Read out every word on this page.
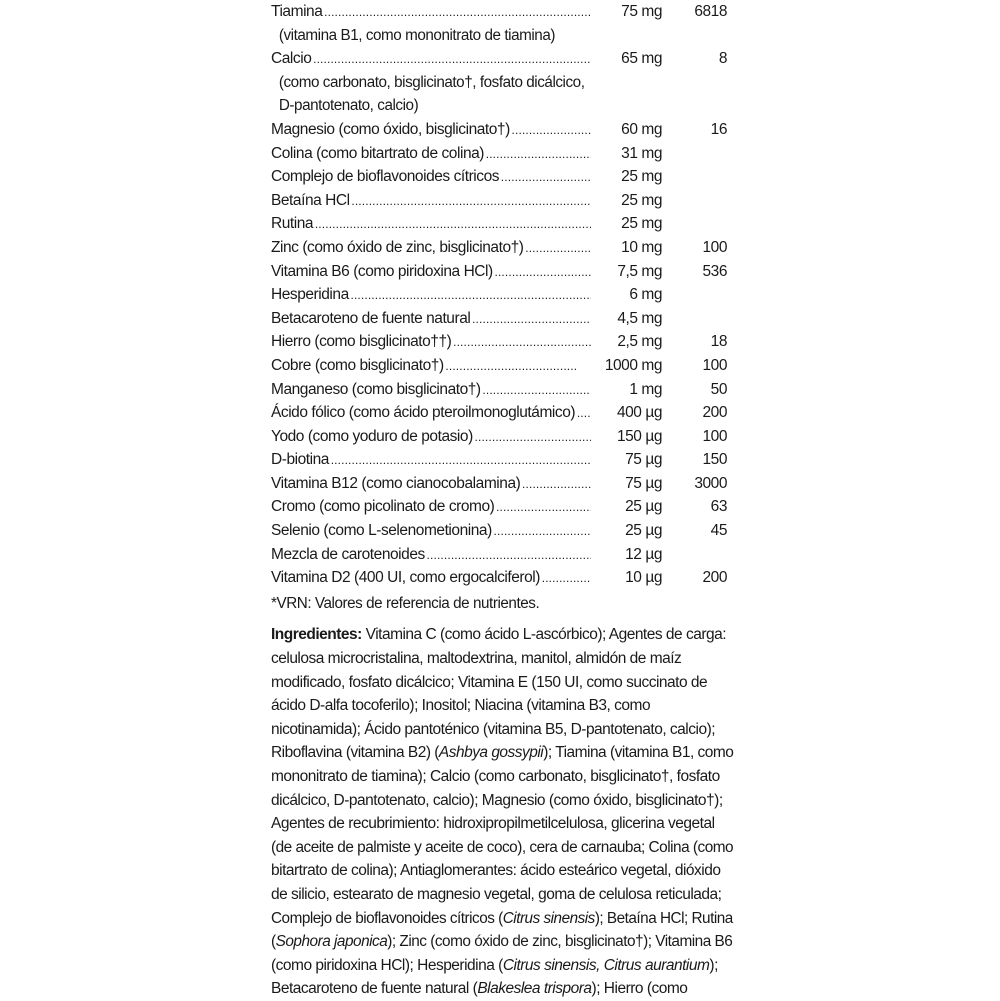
Tiamina . . .	75 mg	6818
(vitamina B1, como mononitrato de tiamina)
Calcio . . .	65 mg	8
(como carbonato, bisglicinato†, fosfato dicálcico,
D-pantotenato, calcio)
Magnesio (como óxido, bisglicinato†) . . .	60 mg	16
Colina (como bitartrato de colina) . . .	31 mg
Complejo de bioflavonoides cítricos . . .	25 mg
Betaína HCl . . .	25 mg
Rutina . . .	25 mg
Zinc (como óxido de zinc, bisglicinato†) . . .	10 mg	100
Vitamina B6 (como piridoxina HCl) . . .	7,5 mg	536
Hesperidina . . .	6 mg
Betacaroteno de fuente natural . . .	4,5 mg
Hierro (como bisglicinato††) . . .	2,5 mg	18
Cobre (como bisglicinato†) . . .	1000 mg	100
Manganeso (como bisglicinato†) . . .	1 mg	50
Ácido fólico (como ácido pteroilmonoglutámico) . . .	400 µg	200
Yodo (como yoduro de potasio) . . .	150 µg	100
D-biotina . . .	75 µg	150
Vitamina B12 (como cianocobalamina) . . .	75 µg	3000
Cromo (como picolinato de cromo) . . .	25 µg	63
Selenio (como L-selenometionina) . . .	25 µg	45
Mezcla de carotenoides . . .	12 µg
Vitamina D2 (400 UI, como ergocalciferol) . . .	10 µg	200
*VRN: Valores de referencia de nutrientes.
Ingredientes: Vitamina C (como ácido L-ascórbico); Agentes de carga:
celulosa microcristalina, maltodextrina, manitol, almidón de maíz
modificado, fosfato dicálcico; Vitamina E (150 UI, como succinato de
ácido D-alfa tocoferilo); Inositol; Niacina (vitamina B3, como
nicotinamida); Ácido pantoténico (vitamina B5, D-pantotenato, calcio);
Riboflavina (vitamina B2) (Ashbya gossypii); Tiamina (vitamina B1, como
mononitrato de tiamina); Calcio (como carbonato, bisglicinato†, fosfato
dicálcico, D-pantotenato, calcio); Magnesio (como óxido, bisglicinato†);
Agentes de recubrimiento: hidroxipropilmetilcelulosa, glicerina vegetal
(de aceite de palmiste y aceite de coco), cera de carnauba; Colina (como
bitartrato de colina); Antiaglomerantes: ácido esteárico vegetal, dióxido
de silicio, estearato de magnesio vegetal, goma de celulosa reticulada;
Complejo de bioflavonoides cítricos (Citrus sinensis); Betaína HCl; Rutina
(Sophora japonica); Zinc (como óxido de zinc, bisglicinato†); Vitamina B6
(como piridoxina HCl); Hesperidina (Citrus sinensis, Citrus aurantium);
Betacaroteno de fuente natural (Blakeslea trispora); Hierro (como
